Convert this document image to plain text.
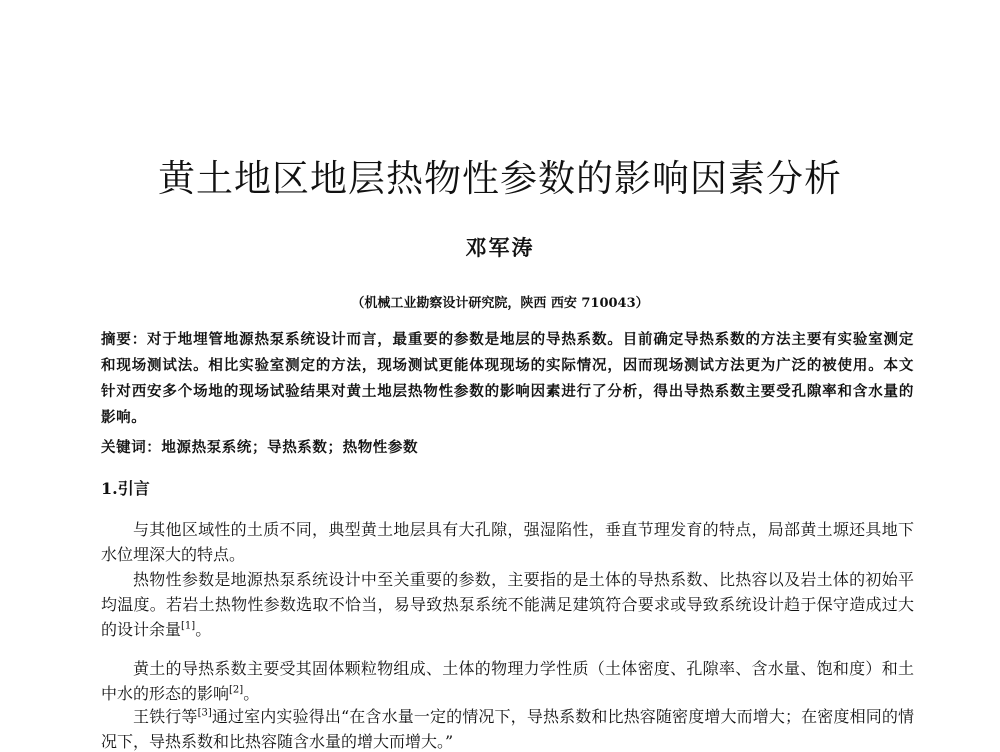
黄土地区地层热物性参数的影响因素分析
邓军涛
（机械工业勘察设计研究院，陕西 西安 710043）

摘要：对于地埋管地源热泵系统设计而言，最重要的参数是地层的导热系数。目前确定导热系数的方法主要有实验室测定和现场测试法。相比实验室测定的方法，现场测试更能体现现场的实际情况，因而现场测试方法更为广泛的被使用。本文针对西安多个场地的现场试验结果对黄土地层热物性参数的影响因素进行了分析，得出导热系数主要受孔隙率和含水量的影响。

关键词：地源热泵系统；导热系数；热物性参数
1.引言

与其他区域性的土质不同，典型黄土地层具有大孔隙，强湿陷性，垂直节理发育的特点，局部黄土塬还具地下水位埋深大的特点。

热物性参数是地源热泵系统设计中至关重要的参数，主要指的是土体的导热系数、比热容以及岩土体的初始平均温度。若岩土热物性参数选取不恰当，易导致热泵系统不能满足建筑符合要求或导致系统设计趋于保守造成过大的设计余量[1]。

黄土的导热系数主要受其固体颗粒物组成、土体的物理力学性质（土体密度、孔隙率、含水量、饱和度）和土中水的形态的影响[2]。

王铁行等[3]通过室内实验得出“在含水量一定的情况下，导热系数和比热容随密度增大而增大；在密度相同的情况下，导热系数和比热容随含水量的增大而增大。”
